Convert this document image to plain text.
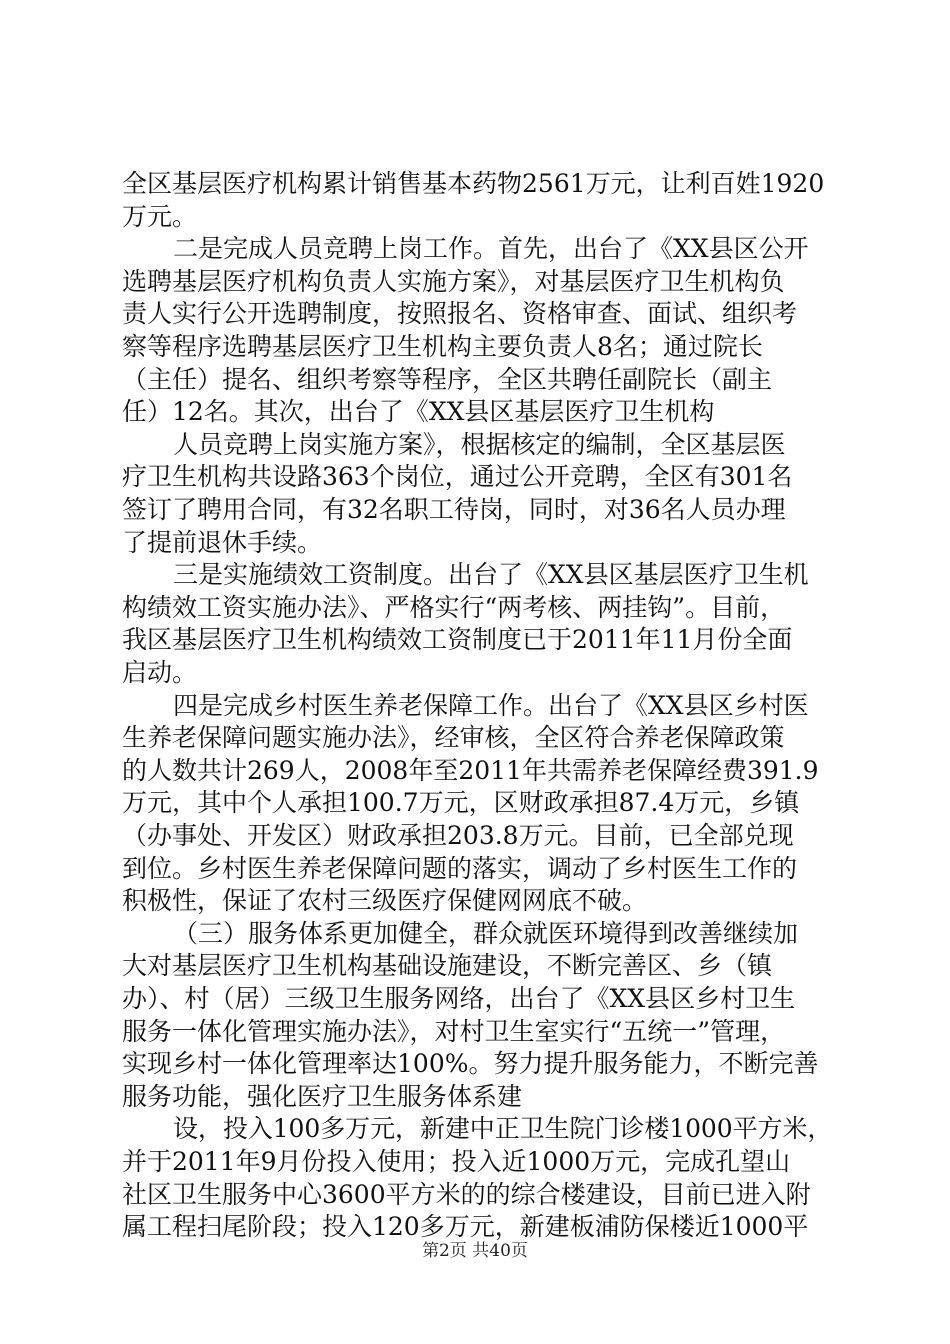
全区基层医疗机构累计销售基本药物2561万元，让利百姓1920
万元。
二是完成人员竞聘上岗工作。首先，出台了《XX县区公开
选聘基层医疗机构负责人实施方案》，对基层医疗卫生机构负
责人实行公开选聘制度，按照报名、资格审查、面试、组织考
察等程序选聘基层医疗卫生机构主要负责人8名；通过院长
（主任）提名、组织考察等程序，全区共聘任副院长（副主
任）12名。其次，出台了《XX县区基层医疗卫生机构
人员竞聘上岗实施方案》，根据核定的编制，全区基层医
疗卫生机构共设路363个岗位，通过公开竞聘，全区有301名
签订了聘用合同，有32名职工待岗，同时，对36名人员办理
了提前退休手续。
三是实施绩效工资制度。出台了《XX县区基层医疗卫生机
构绩效工资实施办法》、严格实行“两考核、两挂钩”。目前，
我区基层医疗卫生机构绩效工资制度已于2011年11月份全面
启动。
四是完成乡村医生养老保障工作。出台了《XX县区乡村医
生养老保障问题实施办法》，经审核，全区符合养老保障政策
的人数共计269人，2008年至2011年共需养老保障经费391.9
万元，其中个人承担100.7万元，区财政承担87.4万元，乡镇
（办事处、开发区）财政承担203.8万元。目前，已全部兑现
到位。乡村医生养老保障问题的落实，调动了乡村医生工作的
积极性，保证了农村三级医疗保健网网底不破。
（三）服务体系更加健全，群众就医环境得到改善继续加
大对基层医疗卫生机构基础设施建设，不断完善区、乡（镇
办）、村（居）三级卫生服务网络，出台了《XX县区乡村卫生
服务一体化管理实施办法》，对村卫生室实行“五统一”管理，
实现乡村一体化管理率达100%。努力提升服务能力，不断完善
服务功能，强化医疗卫生服务体系建
设，投入100多万元，新建中正卫生院门诊楼1000平方米，
并于2011年9月份投入使用；投入近1000万元，完成孔望山
社区卫生服务中心3600平方米的的综合楼建设，目前已进入附
属工程扫尾阶段；投入120多万元，新建板浦防保楼近1000平
第2页 共40页
